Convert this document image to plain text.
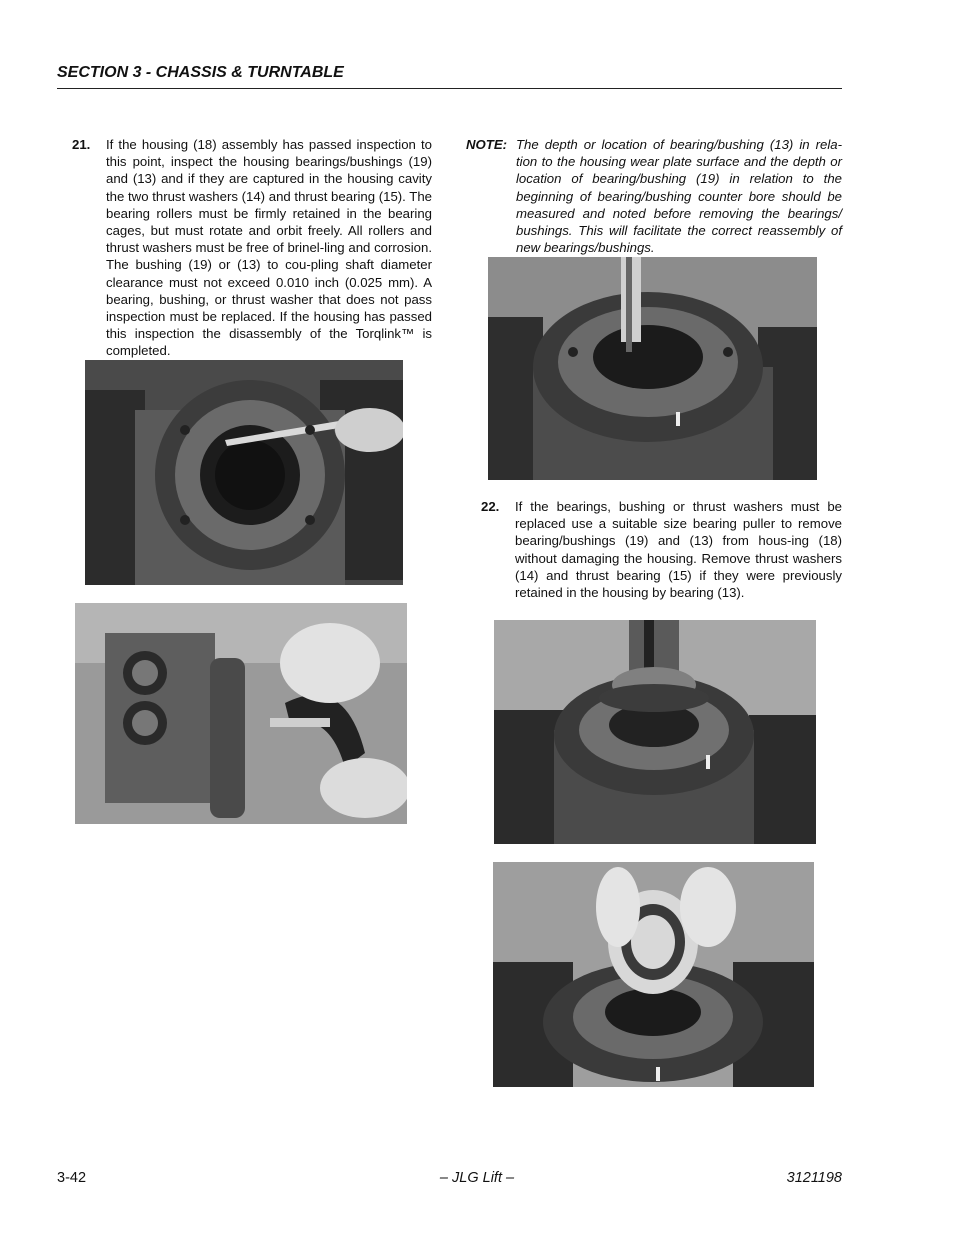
SECTION 3 - CHASSIS & TURNTABLE
21. If the housing (18) assembly has passed inspection to this point, inspect the housing bearings/bushings (19) and (13) and if they are captured in the housing cavity the two thrust washers (14) and thrust bearing (15). The bearing rollers must be firmly retained in the bearing cages, but must rotate and orbit freely. All rollers and thrust washers must be free of brinel-ling and corrosion. The bushing (19) or (13) to cou-pling shaft diameter clearance must not exceed 0.010 inch (0.025 mm). A bearing, bushing, or thrust washer that does not pass inspection must be replaced. If the housing has passed this inspection the disassembly of the Torqlink™ is completed.
NOTE: The depth or location of bearing/bushing (13) in rela-tion to the housing wear plate surface and the depth or location of bearing/bushing (19) in relation to the beginning of bearing/bushing counter bore should be measured and noted before removing the bearings/ bushings. This will facilitate the correct reassembly of new bearings/bushings.
22. If the bearings, bushing or thrust washers must be replaced use a suitable size bearing puller to remove bearing/bushings (19) and (13) from hous-ing (18) without damaging the housing. Remove thrust washers (14) and thrust bearing (15) if they were previously retained in the housing by bearing (13).
3-42	– JLG Lift –	3121198
